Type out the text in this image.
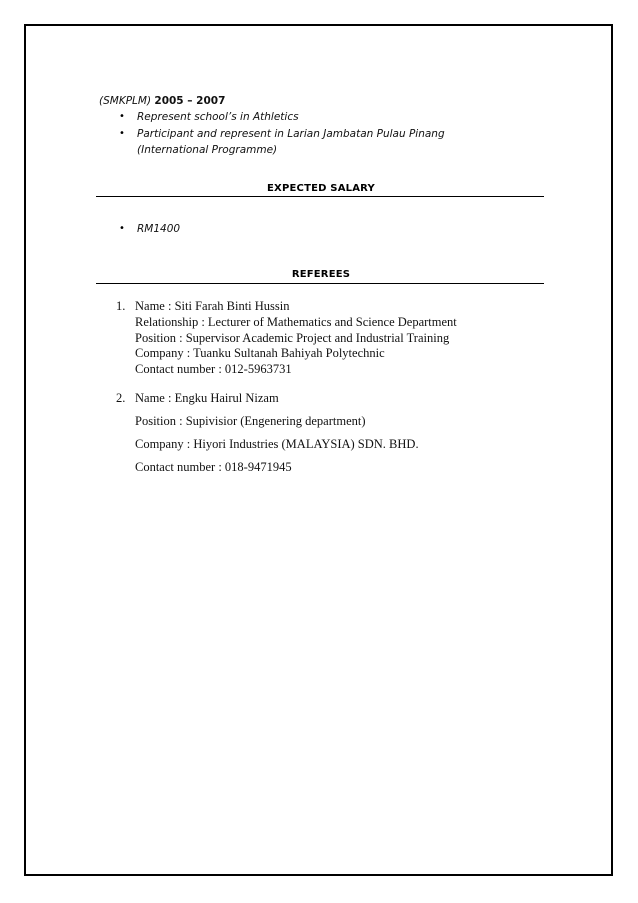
(SMKPLM) 2005 – 2007
• Represent school’s in Athletics
• Participant and represent in Larian Jambatan Pulau Pinang
(International Programme)
EXPECTED SALARY
• RM1400
REFEREES
1. Name : Siti Farah Binti Hussin
Relationship : Lecturer of Mathematics and Science Department
Position : Supervisor Academic Project and Industrial Training
Company : Tuanku Sultanah Bahiyah Polytechnic
Contact number : 012-5963731
2. Name : Engku Hairul Nizam
Position : Supivisior (Engenering department)
Company : Hiyori Industries (MALAYSIA) SDN. BHD.
Contact number : 018-9471945
